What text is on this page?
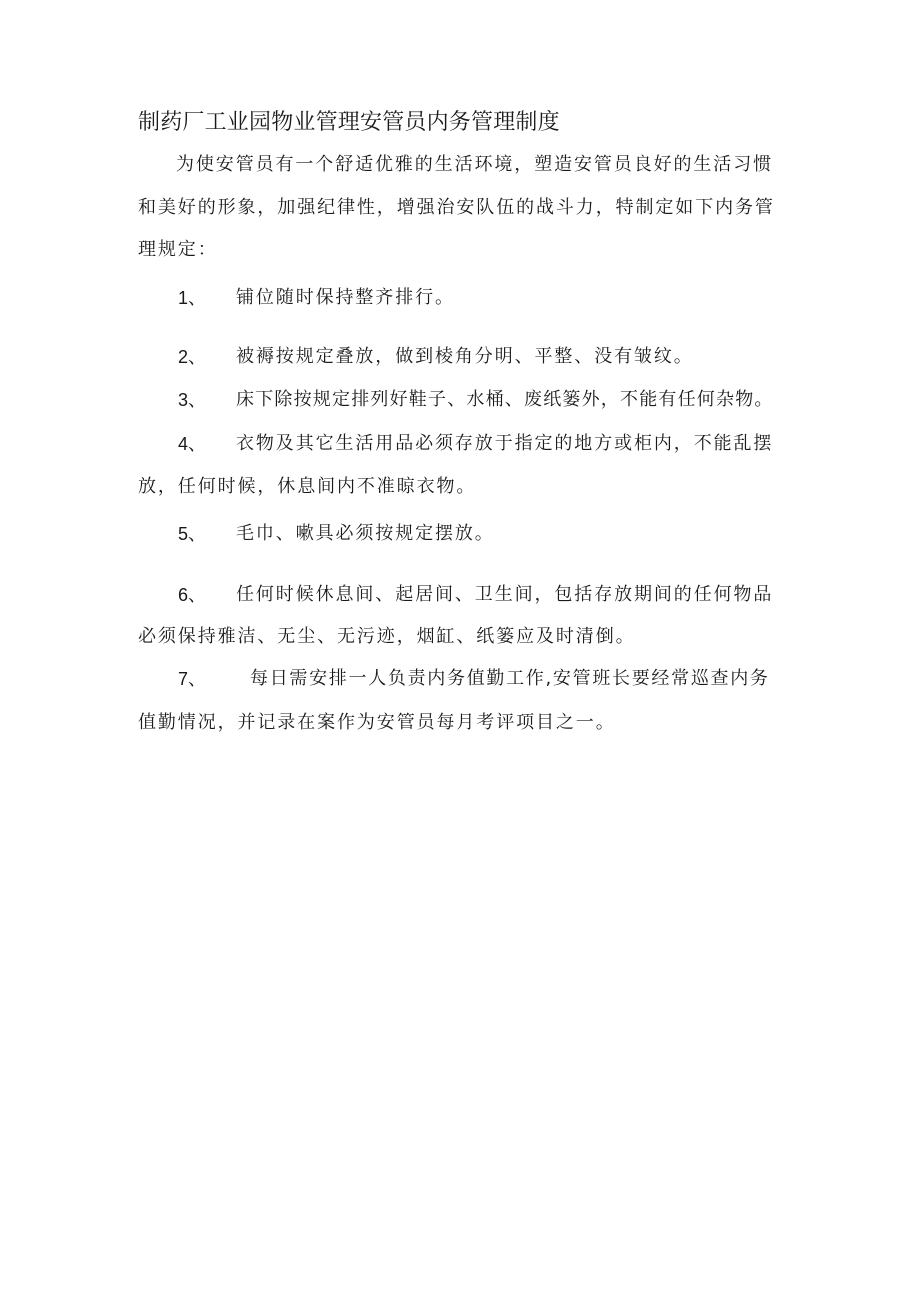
制药厂工业园物业管理安管员内务管理制度
为使安管员有一个舒适优雅的生活环境，塑造安管员良好的生活习惯
和美好的形象，加强纪律性，增强治安队伍的战斗力，特制定如下内务管
理规定：
1、 铺位随时保持整齐排行。
2、 被褥按规定叠放，做到棱角分明、平整、没有皱纹。
3、 床下除按规定排列好鞋子、水桶、废纸篓外，不能有任何杂物。
4、 衣物及其它生活用品必须存放于指定的地方或柜内，不能乱摆
放，任何时候，休息间内不准晾衣物。
5、 毛巾、嗽具必须按规定摆放。
6、 任何时候休息间、起居间、卫生间，包括存放期间的任何物品
必须保持雅洁、无尘、无污迹，烟缸、纸篓应及时清倒。
7、 每日需安排一人负责内务值勤工作,安管班长要经常巡查内务
值勤情况，并记录在案作为安管员每月考评项目之一。
